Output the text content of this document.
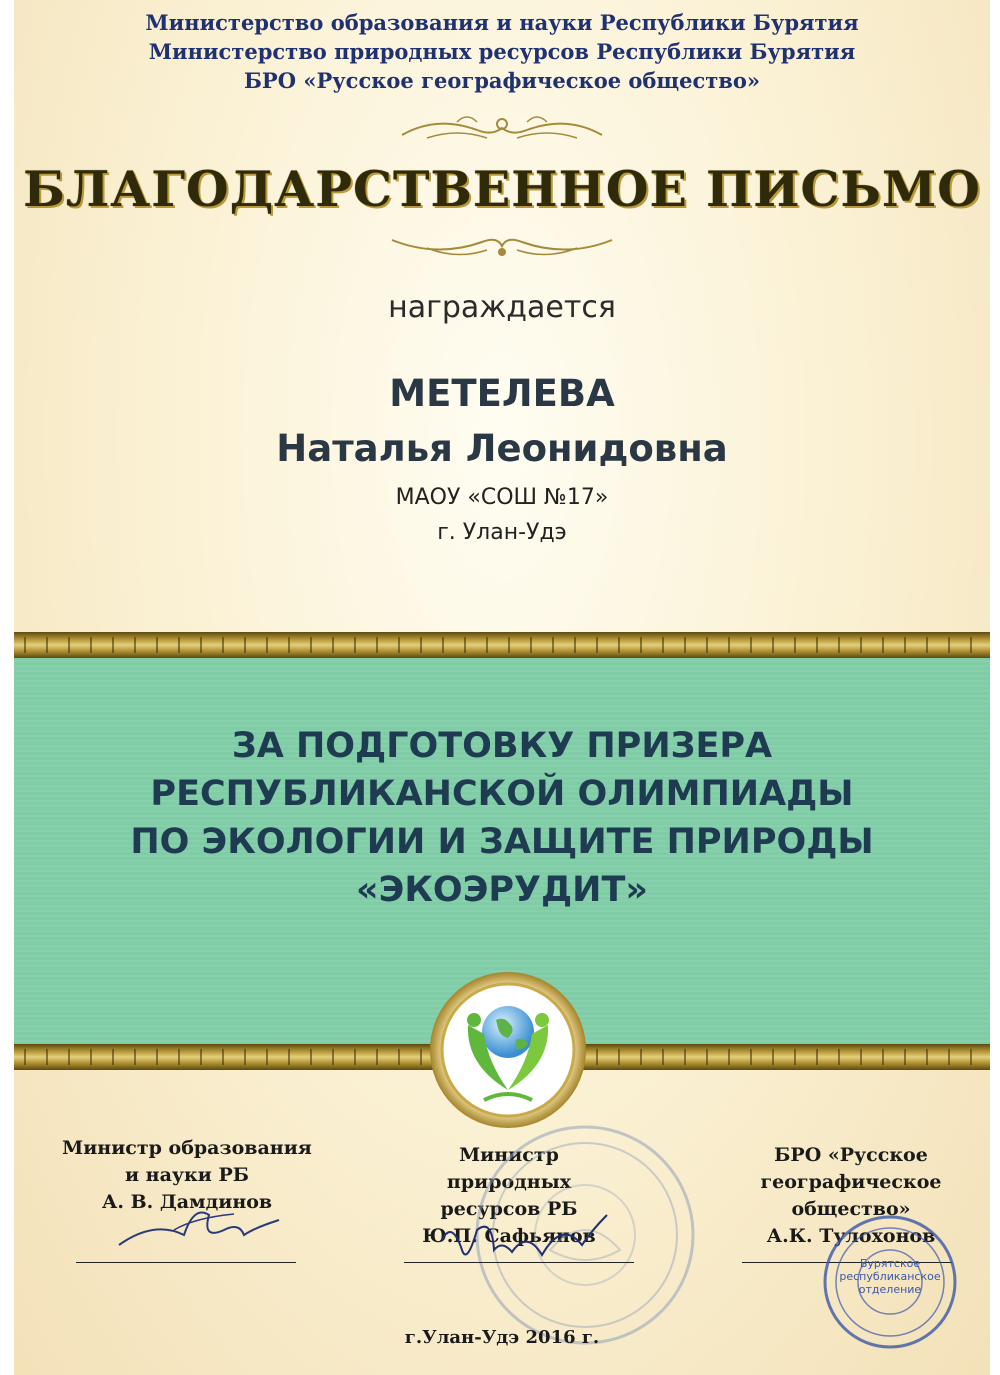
Министерство образования и науки Республики Бурятия
Министерство природных ресурсов Республики Бурятия
БРО «Русское географическое общество»
БЛАГОДАРСТВЕННОЕ ПИСЬМО
награждается
МЕТЕЛЕВА
Наталья Леонидовна
МАОУ «СОШ №17»
г. Улан-Удэ
ЗА ПОДГОТОВКУ ПРИЗЕРА
РЕСПУБЛИКАНСКОЙ ОЛИМПИАДЫ
ПО ЭКОЛОГИИ И ЗАЩИТЕ ПРИРОДЫ
«ЭКОЭРУДИТ»
Министр образования
и науки РБ
А. В. Дамдинов
Министр природных
ресурсов РБ
Ю.П. Сафьянов
БРО «Русское
географическое
общество»
А.К. Тулохонов
Бурятское
республиканское
отделение
г.Улан-Удэ 2016 г.
